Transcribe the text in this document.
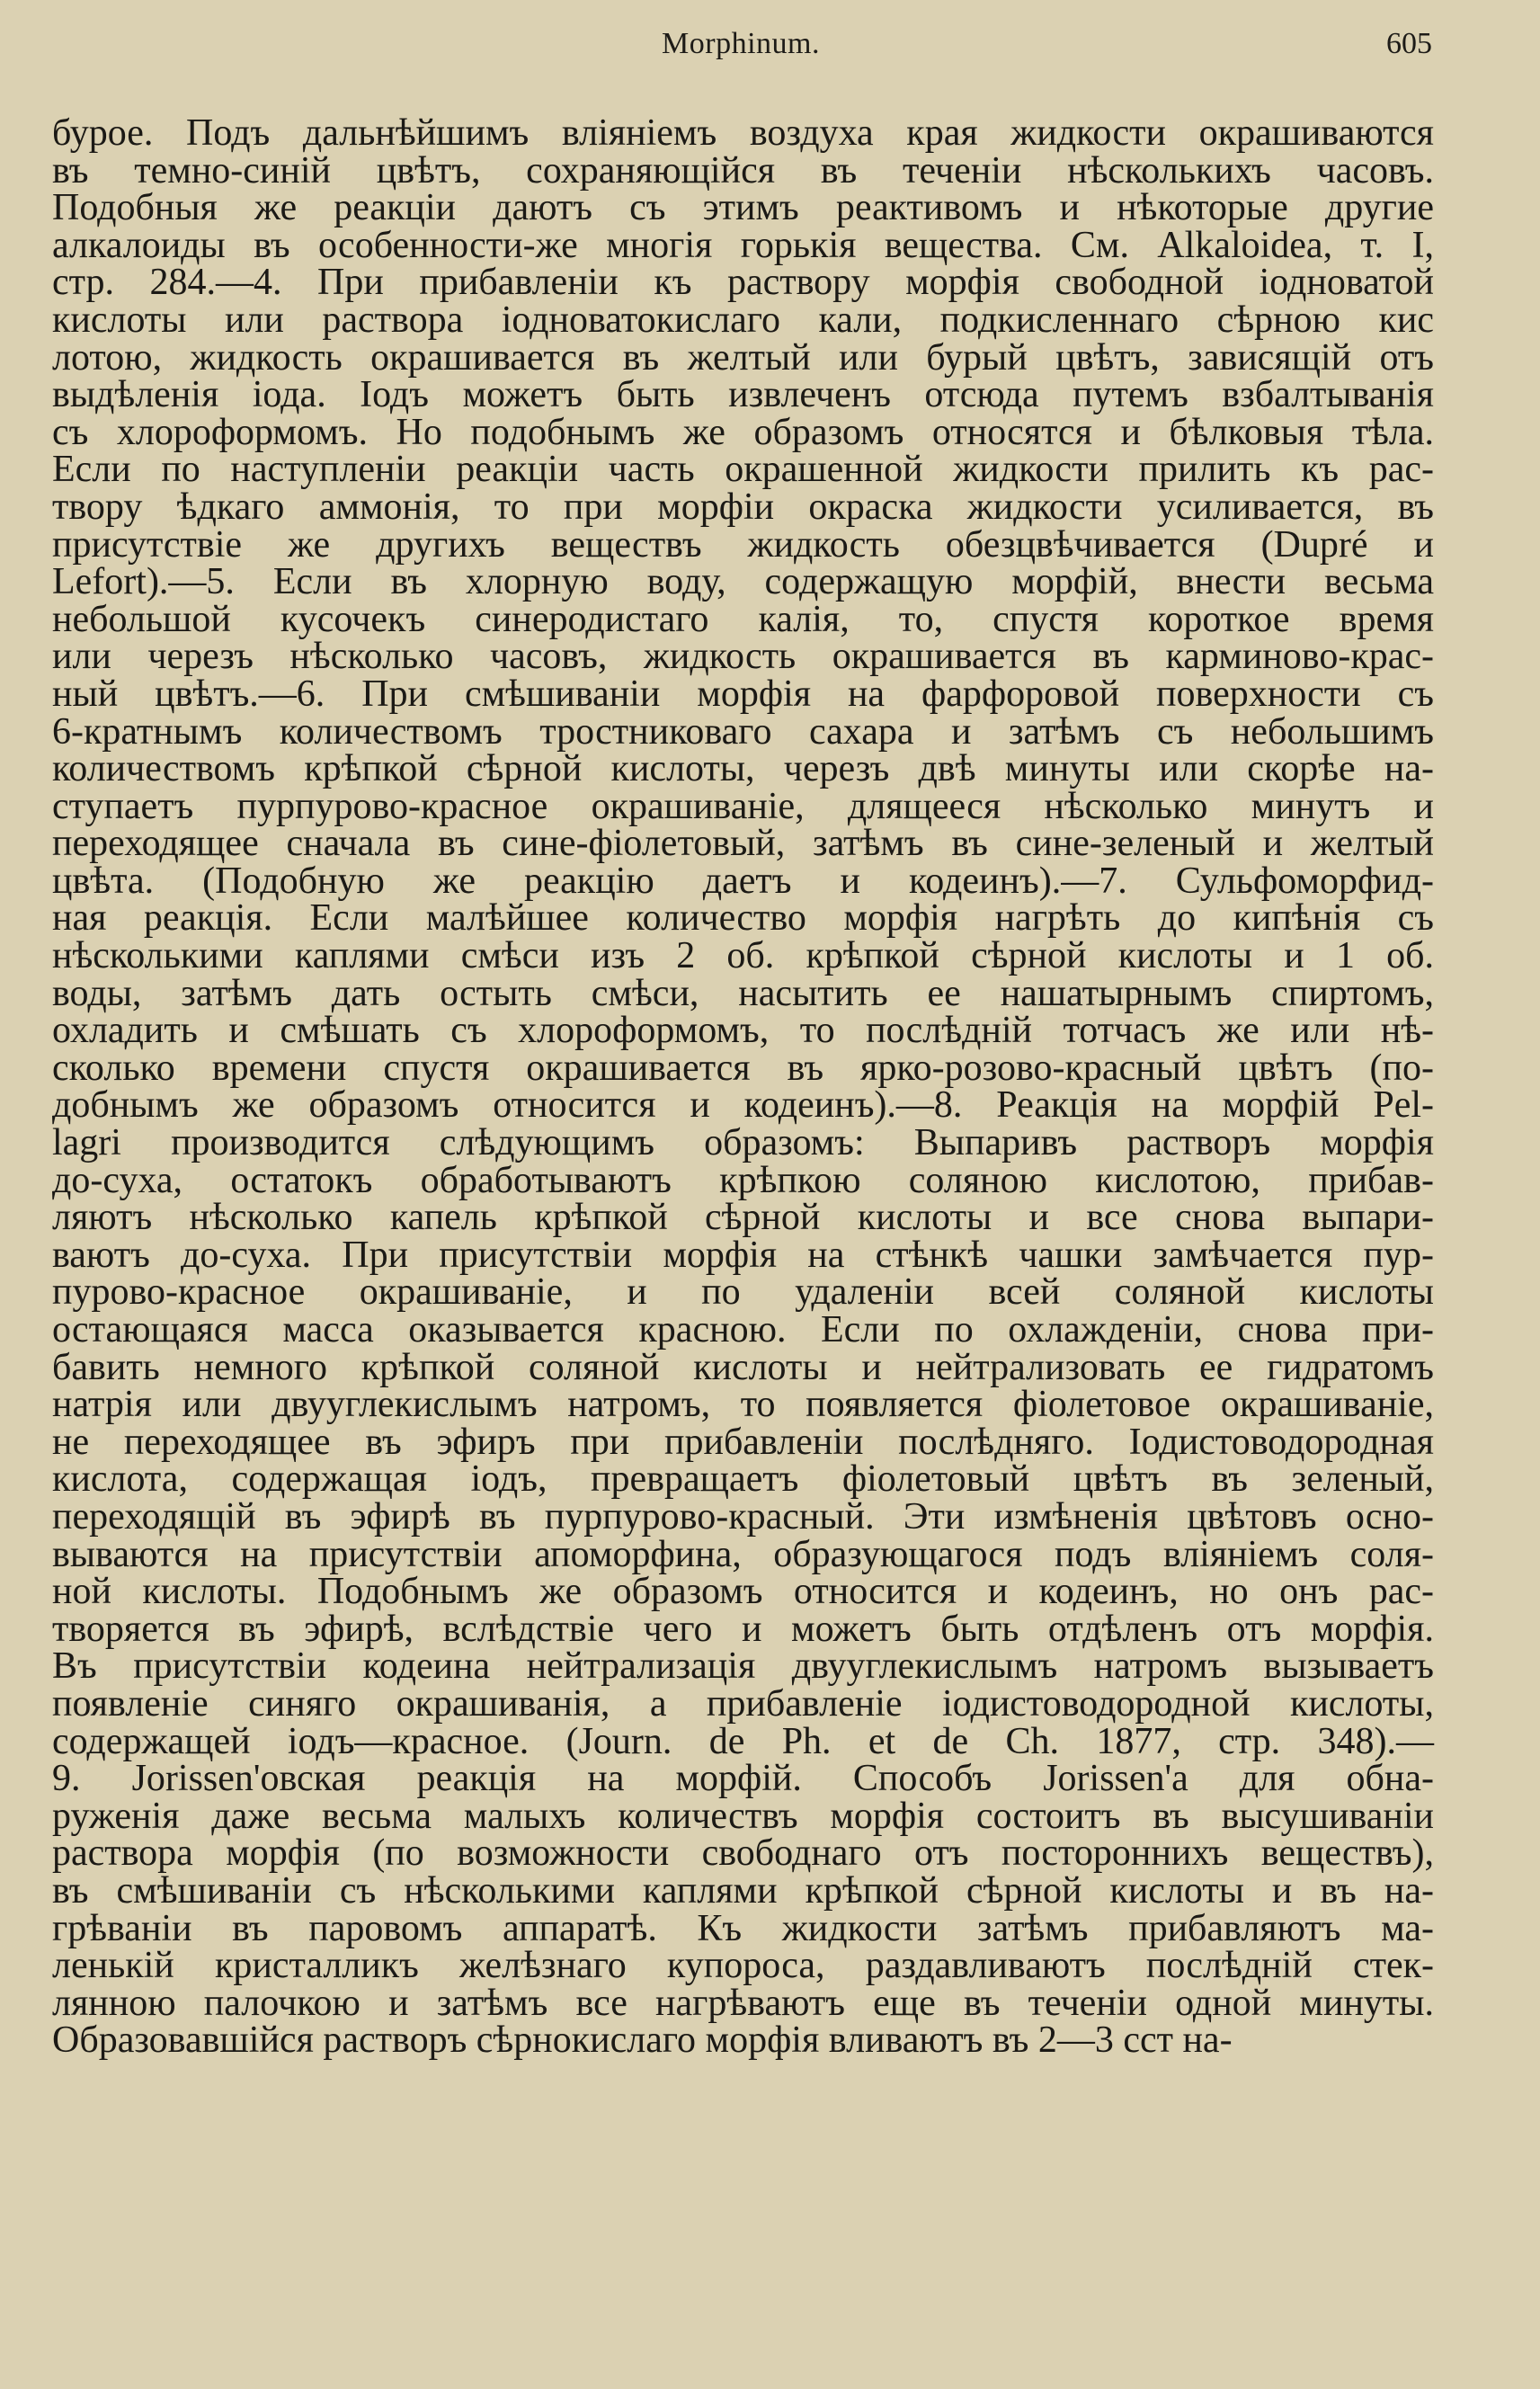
Morphinum.	605
бурое. Подъ дальнѣйшимъ вліяніемъ воздуха края жидкости окрашиваются
въ темно-синій цвѣтъ, сохраняющійся въ теченіи нѣсколькихъ часовъ.
Подобныя же реакціи даютъ съ этимъ реактивомъ и нѣкоторые другие
алкалоиды въ особенности-же многія горькія вещества. См. Alkaloidea, т. I,
стр. 284.—4. При прибавленіи къ раствору морфія свободной іодноватой
кислоты или раствора іодноватокислаго кали, подкисленнаго сѣрною кис
лотою, жидкость окрашивается въ желтый или бурый цвѣтъ, зависящій отъ
выдѣленія іода. Іодъ можетъ быть извлеченъ отсюда путемъ взбалтыванія
съ хлороформомъ. Но подобнымъ же образомъ относятся и бѣлковыя тѣла.
Если по наступленіи реакціи часть окрашенной жидкости прилить къ рас-
твору ѣдкаго аммонія, то при морфіи окраска жидкости усиливается, въ
присутствіе же другихъ веществъ жидкость обезцвѣчивается (Dupré и
Lefort).—5. Если въ хлорную воду, содержащую морфій, внести весьма
небольшой кусочекъ синеродистаго калія, то, спустя короткое время
или черезъ нѣсколько часовъ, жидкость окрашивается въ карминово-крас-
ный цвѣтъ.—6. При смѣшиваніи морфія на фарфоровой поверхности съ
6-кратнымъ количествомъ тростниковаго сахара и затѣмъ съ небольшимъ
количествомъ крѣпкой сѣрной кислоты, черезъ двѣ минуты или скорѣе на-
ступаетъ пурпурово-красное окрашиваніе, длящееся нѣсколько минутъ и
переходящее сначала въ сине-фіолетовый, затѣмъ въ сине-зеленый и желтый
цвѣта. (Подобную же реакцію даетъ и кодеинъ).—7. Сульфоморфид-
ная реакція. Если малѣйшее количество морфія нагрѣть до кипѣнія съ
нѣсколькими каплями смѣси изъ 2 об. крѣпкой сѣрной кислоты и 1 об.
воды, затѣмъ дать остыть смѣси, насытить ее нашатырнымъ спиртомъ,
охладить и смѣшать съ хлороформомъ, то послѣдній тотчасъ же или нѣ-
сколько времени спустя окрашивается въ ярко-розово-красный цвѣтъ (по-
добнымъ же образомъ относится и кодеинъ).—8. Реакція на морфій Pel-
lagri производится слѣдующимъ образомъ: Выпаривъ растворъ морфія
до-суха, остатокъ обработываютъ крѣпкою соляною кислотою, прибав-
ляютъ нѣсколько капель крѣпкой сѣрной кислоты и все снова выпари-
ваютъ до-суха. При присутствіи морфія на стѣнкѣ чашки замѣчается пур-
пурово-красное окрашиваніе, и по удаленіи всей соляной кислоты
остающаяся масса оказывается красною. Если по охлажденіи, снова при-
бавить немного крѣпкой соляной кислоты и нейтрализовать ее гидратомъ
натрія или двууглекислымъ натромъ, то появляется фіолетовое окрашиваніе,
не переходящее въ эфиръ при прибавленіи послѣдняго. Іодистоводородная
кислота, содержащая іодъ, превращаетъ фіолетовый цвѣтъ въ зеленый,
переходящій въ эфирѣ въ пурпурово-красный. Эти измѣненія цвѣтовъ осно-
вываются на присутствіи апоморфина, образующагося подъ вліяніемъ соля-
ной кислоты. Подобнымъ же образомъ относится и кодеинъ, но онъ рас-
творяется въ эфирѣ, вслѣдствіе чего и можетъ быть отдѣленъ отъ морфія.
Въ присутствіи кодеина нейтрализація двууглекислымъ натромъ вызываетъ
появленіе синяго окрашиванія, а прибавленіе іодистоводородной кислоты,
содержащей іодъ—красное. (Journ. de Ph. et de Ch. 1877, стр. 348).—
9. Jorissen'овская реакція на морфій. Способъ Jorissen'a для обна-
руженія даже весьма малыхъ количествъ морфія состоитъ въ высушиваніи
раствора морфія (по возможности свободнаго отъ постороннихъ веществъ),
въ смѣшиваніи съ нѣсколькими каплями крѣпкой сѣрной кислоты и въ на-
грѣваніи въ паровомъ аппаратѣ. Къ жидкости затѣмъ прибавляютъ ма-
ленькій кристалликъ желѣзнаго купороса, раздавливаютъ послѣдній стек-
лянною палочкою и затѣмъ все нагрѣваютъ еще въ теченіи одной минуты.
Образовавшійся растворъ сѣрнокислаго морфія вливаютъ въ 2—3 сст на-
